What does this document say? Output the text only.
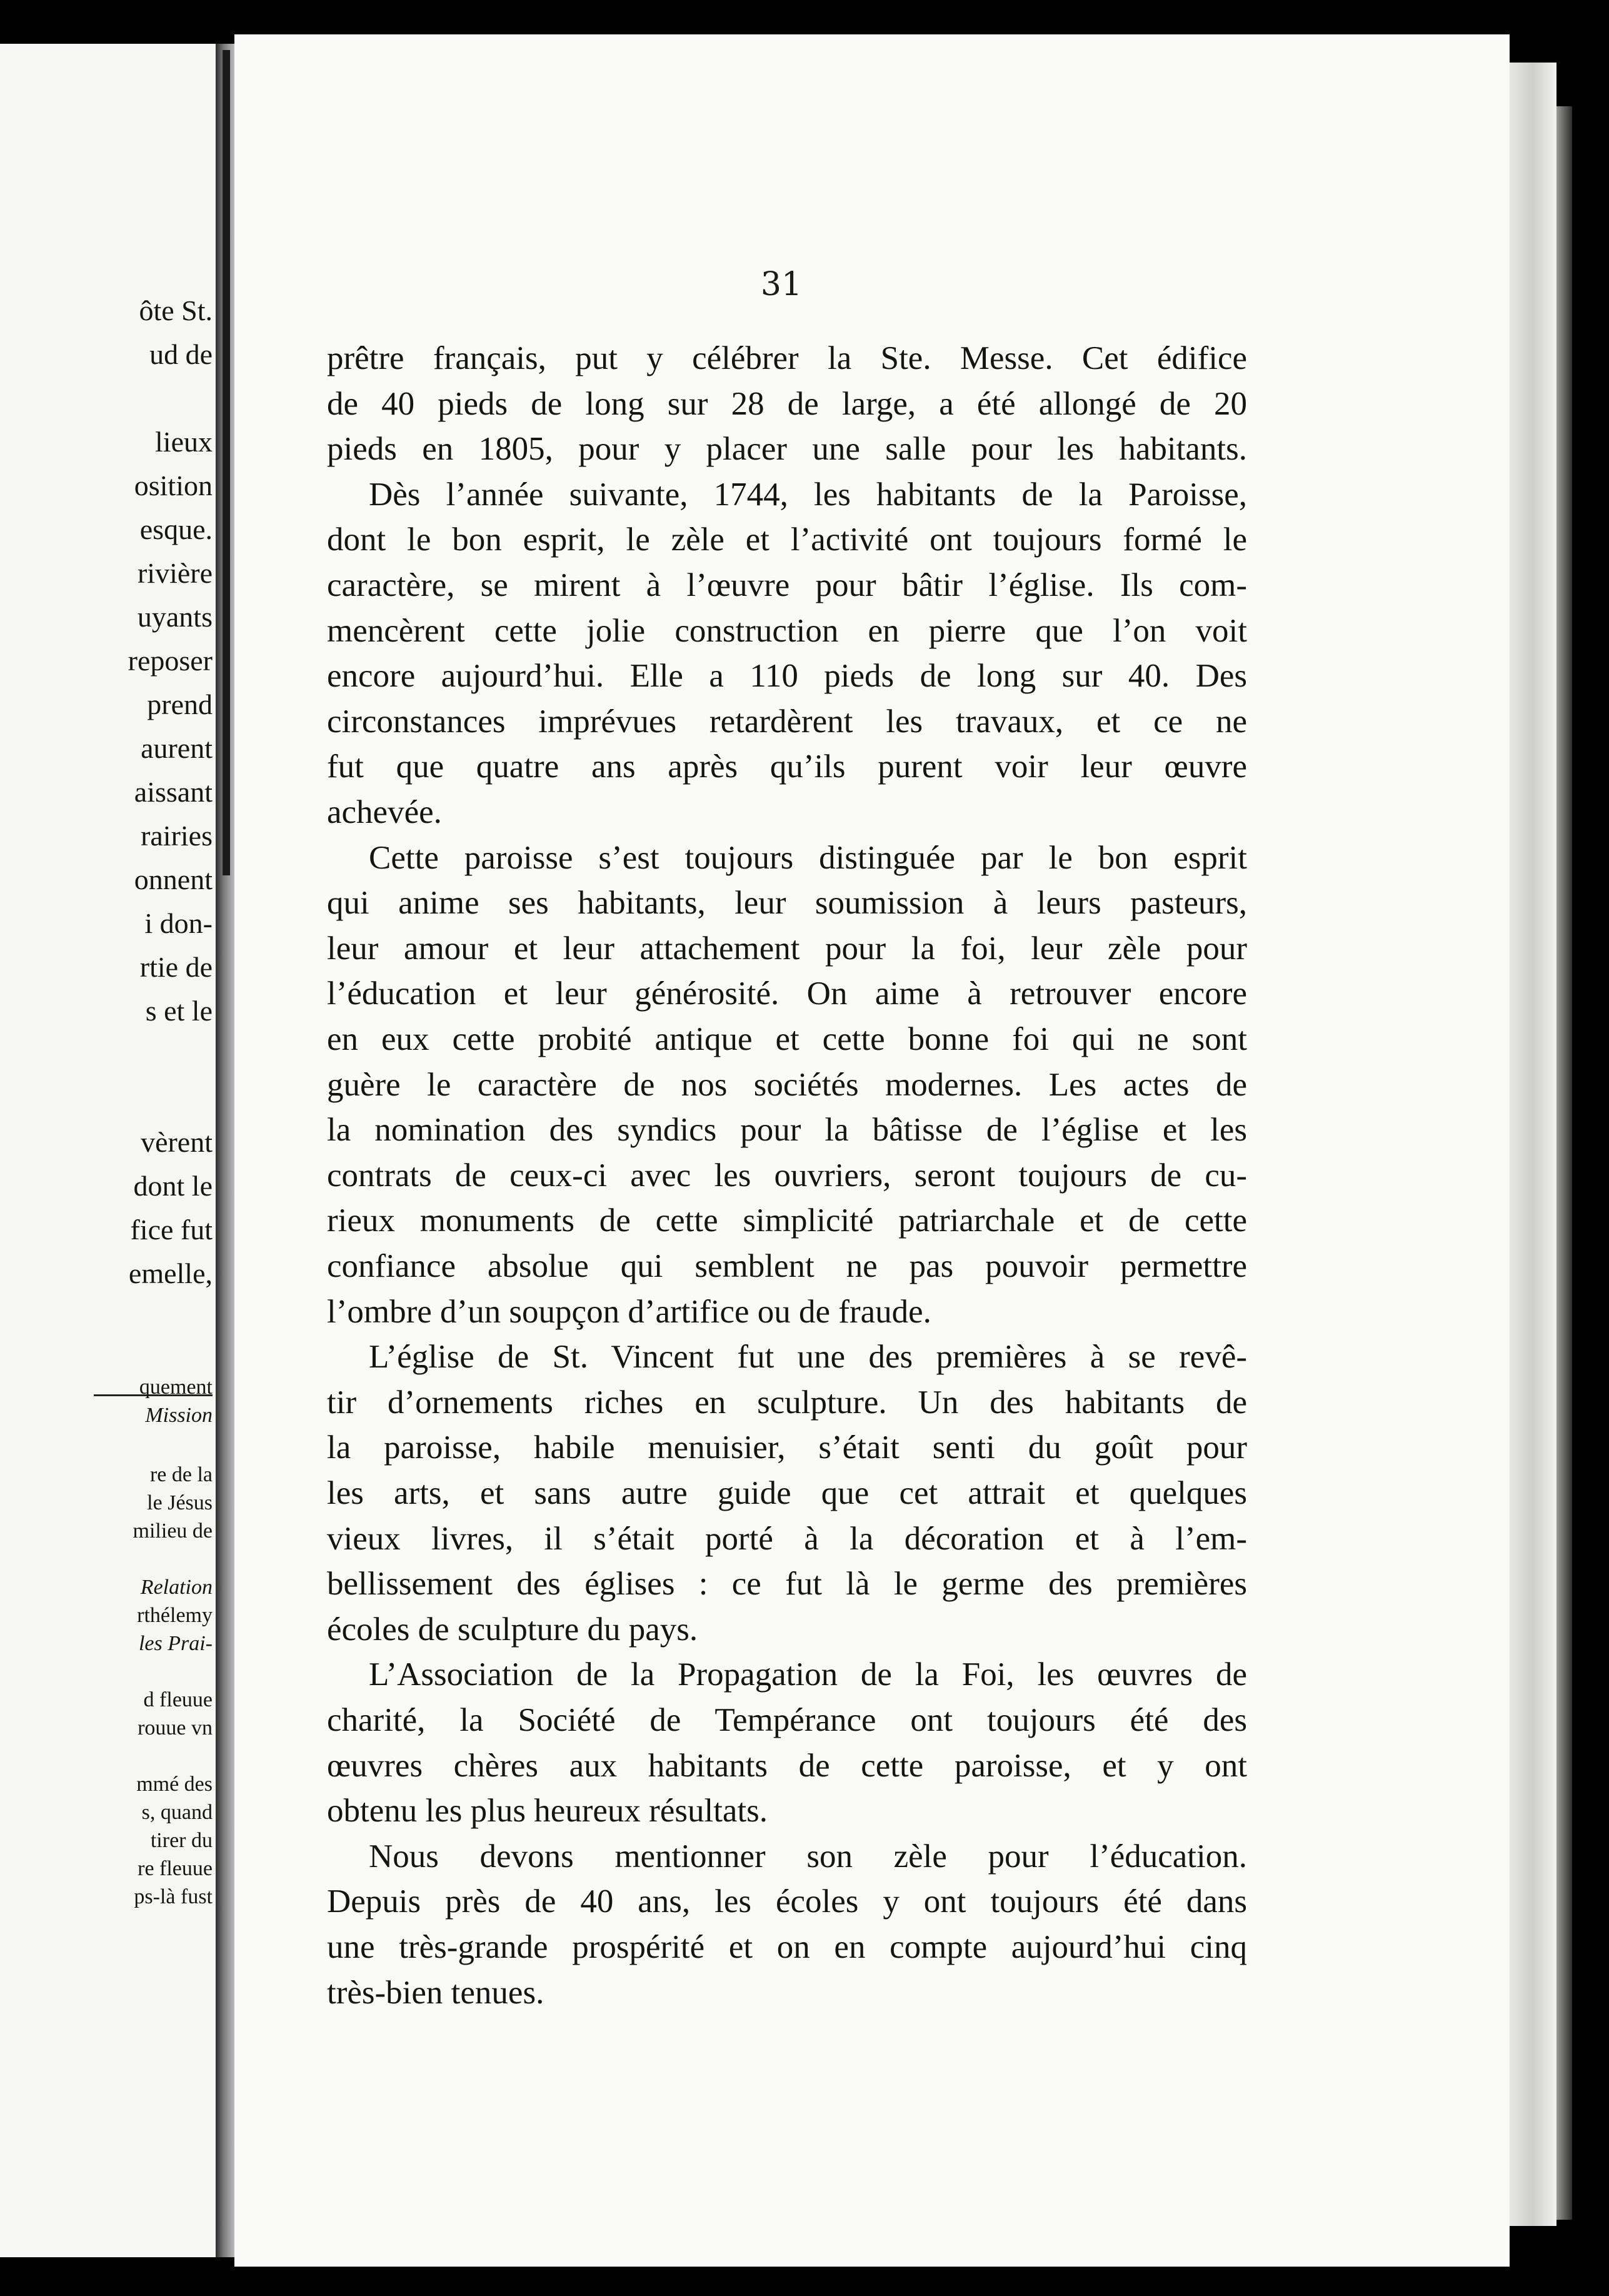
ôte St.
ud de
lieux
osition
esque.
rivière
uyants
reposer
prend
aurent
aissant
rairies
onnent
i don-
rtie de
s et le
vèrent
dont le
fice fut
emelle,
quement
Mission
re de la
le Jésus
milieu de
Relation
rthélemy
les Prai-
d fleuue
rouue vn
mmé des
s, quand
tirer du
re fleuue
ps-là fust
31
prêtre français, put y célébrer la Ste. Messe. Cet édifice
de 40 pieds de long sur 28 de large, a été allongé de 20
pieds en 1805, pour y placer une salle pour les habitants.
Dès l’année suivante, 1744, les habitants de la Paroisse,
dont le bon esprit, le zèle et l’activité ont toujours formé le
caractère, se mirent à l’œuvre pour bâtir l’église. Ils com-
mencèrent cette jolie construction en pierre que l’on voit
encore aujourd’hui. Elle a 110 pieds de long sur 40. Des
circonstances imprévues retardèrent les travaux, et ce ne
fut que quatre ans après qu’ils purent voir leur œuvre
achevée.
Cette paroisse s’est toujours distinguée par le bon esprit
qui anime ses habitants, leur soumission à leurs pasteurs,
leur amour et leur attachement pour la foi, leur zèle pour
l’éducation et leur générosité. On aime à retrouver encore
en eux cette probité antique et cette bonne foi qui ne sont
guère le caractère de nos sociétés modernes. Les actes de
la nomination des syndics pour la bâtisse de l’église et les
contrats de ceux-ci avec les ouvriers, seront toujours de cu-
rieux monuments de cette simplicité patriarchale et de cette
confiance absolue qui semblent ne pas pouvoir permettre
l’ombre d’un soupçon d’artifice ou de fraude.
L’église de St. Vincent fut une des premières à se revê-
tir d’ornements riches en sculpture. Un des habitants de
la paroisse, habile menuisier, s’était senti du goût pour
les arts, et sans autre guide que cet attrait et quelques
vieux livres, il s’était porté à la décoration et à l’em-
bellissement des églises : ce fut là le germe des premières
écoles de sculpture du pays.
L’Association de la Propagation de la Foi, les œuvres de
charité, la Société de Tempérance ont toujours été des
œuvres chères aux habitants de cette paroisse, et y ont
obtenu les plus heureux résultats.
Nous devons mentionner son zèle pour l’éducation.
Depuis près de 40 ans, les écoles y ont toujours été dans
une très-grande prospérité et on en compte aujourd’hui cinq
très-bien tenues.
